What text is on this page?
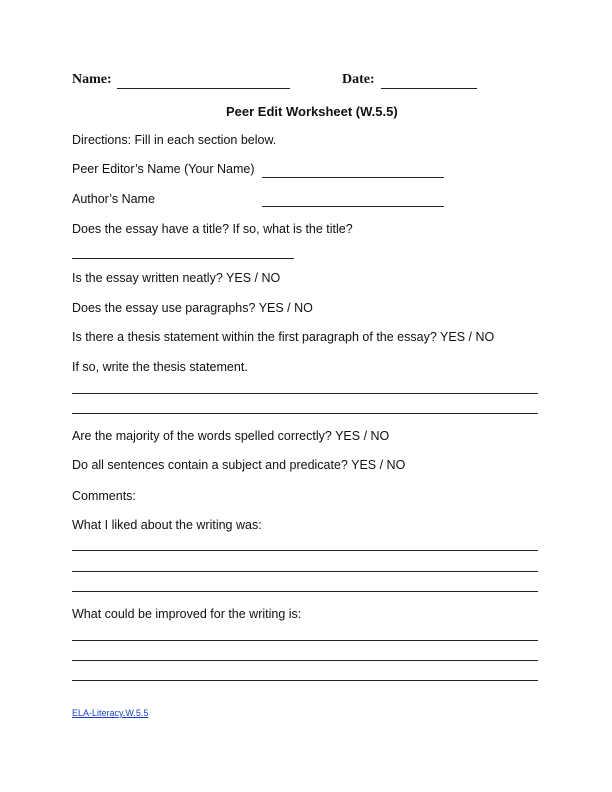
Name:	Date:
Peer Edit Worksheet (W.5.5)
Directions: Fill in each section below.
Peer Editor’s Name (Your Name)
Author’s Name
Does the essay have a title? If so, what is the title?
Is the essay written neatly? YES / NO
Does the essay use paragraphs? YES / NO
Is there a thesis statement within the first paragraph of the essay? YES / NO
If so, write the thesis statement.
Are the majority of the words spelled correctly? YES / NO
Do all sentences contain a subject and predicate? YES / NO
Comments:
What I liked about the writing was:
What could be improved for the writing is:
ELA-Literacy.W.5.5
